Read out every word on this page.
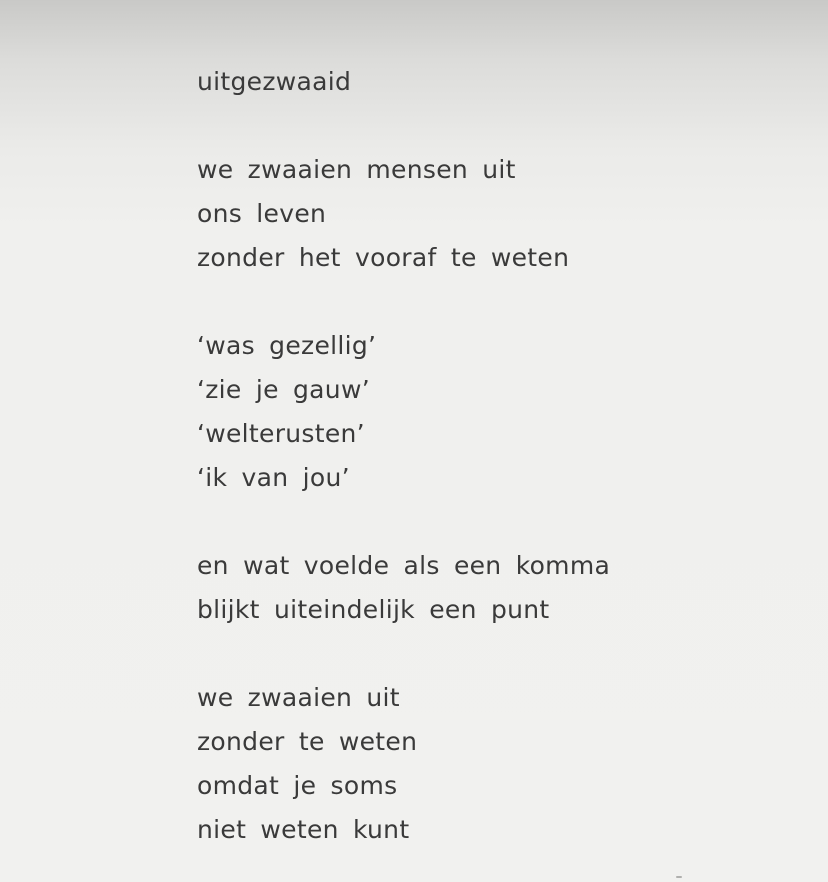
uitgezwaaid
we zwaaien mensen uit
ons leven
zonder het vooraf te weten
‘was gezellig’
‘zie je gauw’
‘welterusten’
‘ik van jou’
en wat voelde als een komma
blijkt uiteindelijk een punt
we zwaaien uit
zonder te weten
omdat je soms
niet weten kunt
